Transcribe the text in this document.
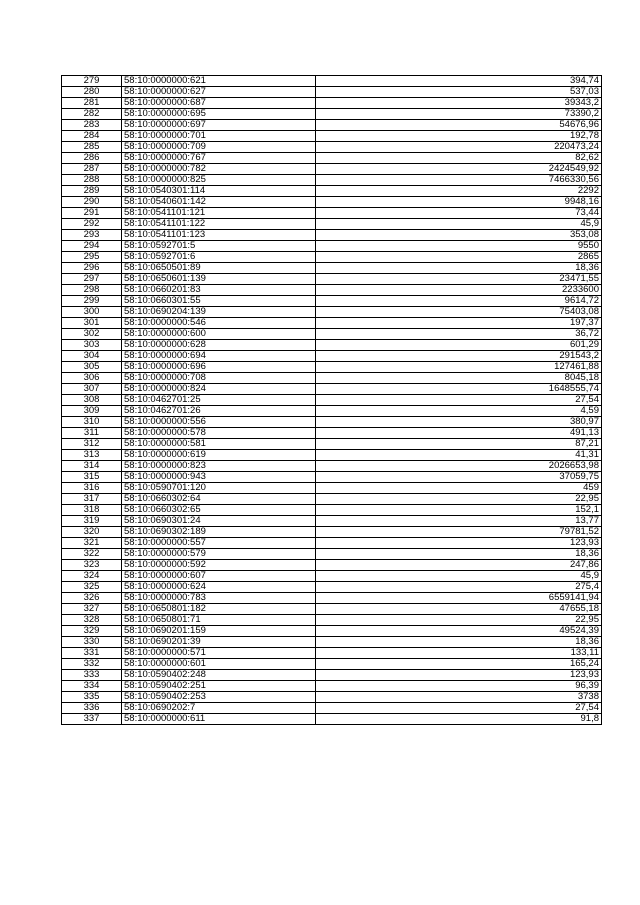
279	58:10:0000000:621	394,74
280	58:10:0000000:627	537,03
281	58:10:0000000:687	39343,2
282	58:10:0000000:695	73390,2
283	58:10:0000000:697	54676,96
284	58:10:0000000:701	192,78
285	58:10:0000000:709	220473,24
286	58:10:0000000:767	82,62
287	58:10:0000000:782	2424549,92
288	58:10:0000000:825	7466330,56
289	58:10:0540301:114	2292
290	58:10:0540601:142	9948,16
291	58:10:0541101:121	73,44
292	58:10:0541101:122	45,9
293	58:10:0541101:123	353,08
294	58:10:0592701:5	9550
295	58:10:0592701:6	2865
296	58:10:0650501:89	18,36
297	58:10:0650601:139	23471,55
298	58:10:0660201:83	2233600
299	58:10:0660301:55	9614,72
300	58:10:0690204:139	75403,08
301	58:10:0000000:546	197,37
302	58:10:0000000:600	36,72
303	58:10:0000000:628	601,29
304	58:10:0000000:694	291543,2
305	58:10:0000000:696	127461,88
306	58:10:0000000:708	8045,18
307	58:10:0000000:824	1648555,74
308	58:10:0462701:25	27,54
309	58:10:0462701:26	4,59
310	58:10:0000000:556	380,97
311	58:10:0000000:578	491,13
312	58:10:0000000:581	87,21
313	58:10:0000000:619	41,31
314	58:10:0000000:823	2026653,98
315	58:10:0000000:943	37059,75
316	58:10:0590701:120	459
317	58:10:0660302:64	22,95
318	58:10:0660302:65	152,1
319	58:10:0690301:24	13,77
320	58:10:0690302:189	79781,52
321	58:10:0000000:557	123,93
322	58:10:0000000:579	18,36
323	58:10:0000000:592	247,86
324	58:10:0000000:607	45,9
325	58:10:0000000:624	275,4
326	58:10:0000000:783	6559141,94
327	58:10:0650801:182	47655,18
328	58:10:0650801:71	22,95
329	58:10:0690201:159	49524,39
330	58:10:0690201:39	18,36
331	58:10:0000000:571	133,11
332	58:10:0000000:601	165,24
333	58:10:0590402:248	123,93
334	58:10:0590402:251	96,39
335	58:10:0590402:253	3738
336	58:10:0690202:7	27,54
337	58:10:0000000:611	91,8
